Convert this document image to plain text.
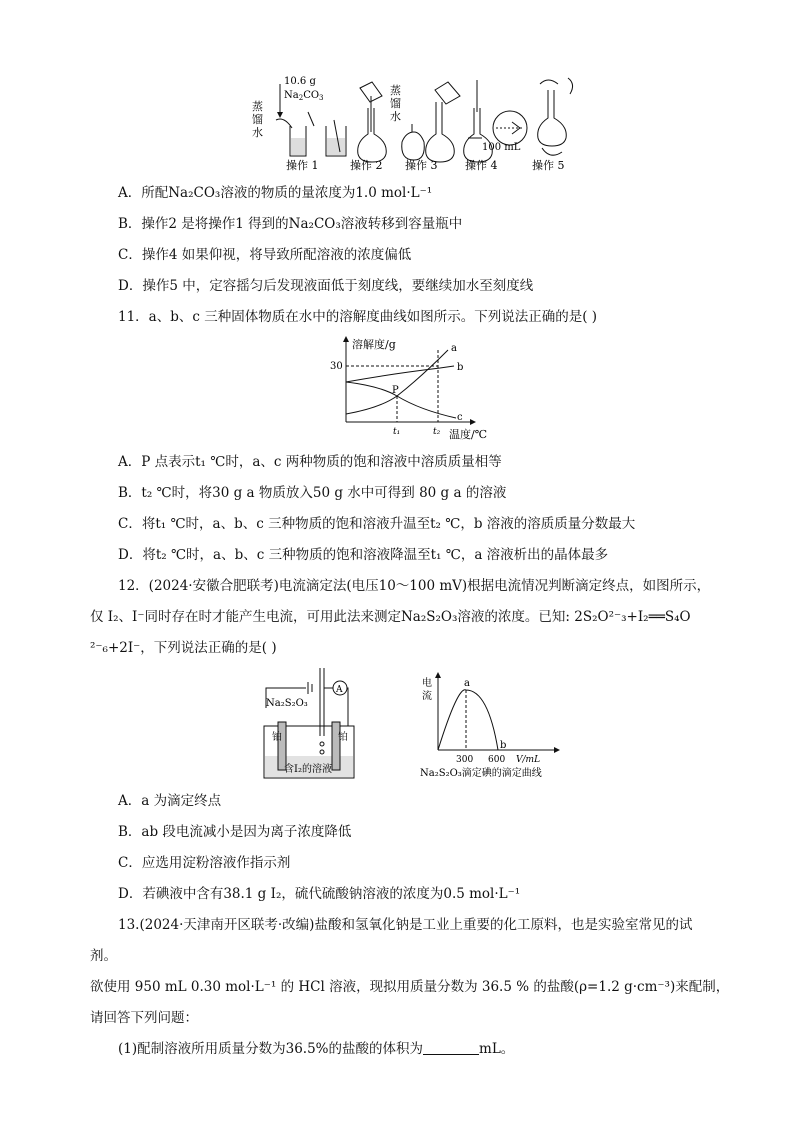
10.6 g
$Na_2CO_3$
蒸馏水
蒸馏水
100 mL
操作 1	操作 2 操作 3	操作 4	操作 5
A．所配Na₂CO₃溶液的物质的量浓度为1.0 mol·L⁻¹
B．操作2 是将操作1 得到的Na₂CO₃溶液转移到容量瓶中
C．操作4 如果仰视，将导致所配溶液的浓度偏低
D．操作5 中，定容摇匀后发现液面低于刻度线，要继续加水至刻度线
11．a、b、c 三种固体物质在水中的溶解度曲线如图所示。下列说法正确的是( )
溶解度/g
30
P
t₁	t₂ 温度/℃
a
b
c
A．P 点表示t₁ ℃时，a、c 两种物质的饱和溶液中溶质质量相等
B．t₂ ℃时，将30 g a 物质放入50 g 水中可得到 80 g a 的溶液
C．将t₁ ℃时，a、b、c 三种物质的饱和溶液升温至t₂ ℃，b 溶液的溶质质量分数最大
D．将t₂ ℃时，a、b、c 三种物质的饱和溶液降温至t₁ ℃，a 溶液析出的晶体最多
12．(2024·安徽合肥联考)电流滴定法(电压10～100 mV)根据电流情况判断滴定终点，如图所示，
仅 I₂、I⁻同时存在时才能产生电流，可用此法来测定Na₂S₂O₃溶液的浓度。已知: 2S₂O²⁻₃+I₂══S₄O
²⁻₆+2I⁻，下列说法正确的是( )
A
Na₂S₂O₃
铂	铂
含I₂的溶液
电
流
a
b
300 600 V/mL
Na₂S₂O₃滴定碘的滴定曲线
A．a 为滴定终点
B．ab 段电流减小是因为离子浓度降低
C．应选用淀粉溶液作指示剂
D．若碘液中含有38.1 g I₂，硫代硫酸钠溶液的浓度为0.5 mol·L⁻¹
13.(2024·天津南开区联考·改编)盐酸和氢氧化钠是工业上重要的化工原料，也是实验室常见的试
剂。
欲使用 950 mL 0.30 mol·L⁻¹ 的 HCl 溶液，现拟用质量分数为 36.5 % 的盐酸(ρ=1.2 g·cm⁻³)来配制，
请回答下列问题：
(1)配制溶液所用质量分数为36.5%的盐酸的体积为	mL。
